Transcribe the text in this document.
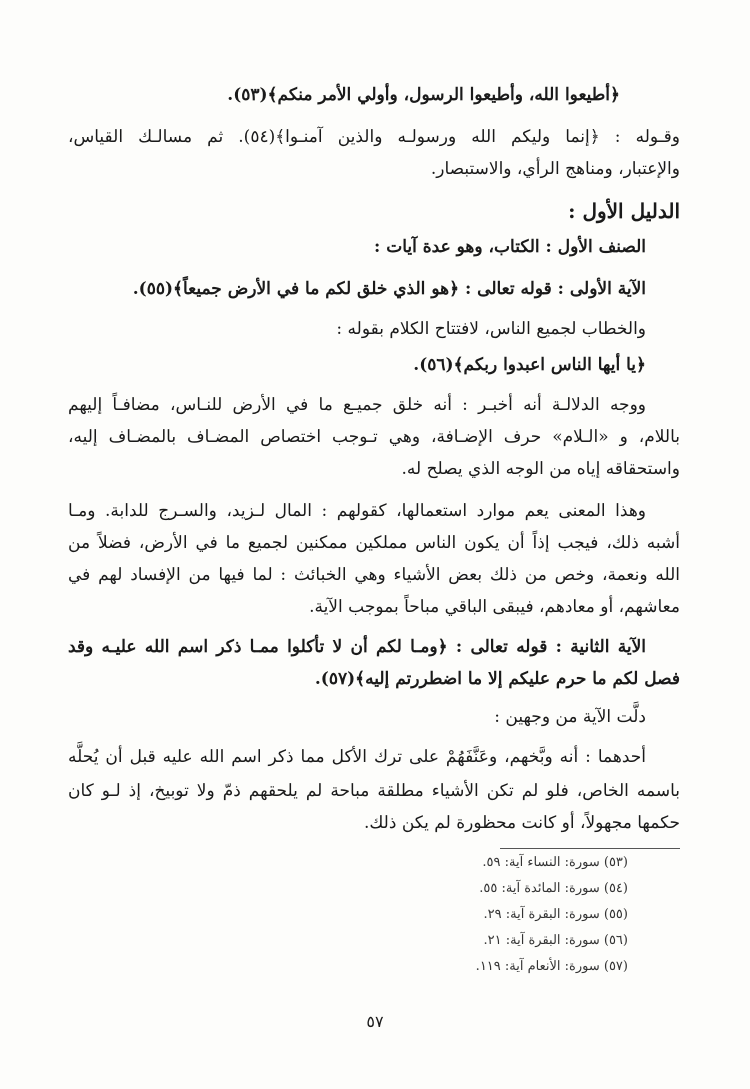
﴿أطيعوا الله، وأطيعوا الرسول، وأولي الأمر منكم﴾(٥٣).
وقـوله : ﴿إنما وليكم الله ورسولـه والذين آمنـوا﴾(٥٤). ثم مسالـك القياس،
والإعتبار، ومناهج الرأي، والاستبصار.
الدليل الأول :
الصنف الأول : الكتاب، وهو عدة آيات :
الآية الأولى : قوله تعالى : ﴿هو الذي خلق لكم ما في الأرض جميعاً﴾(٥٥).
والخطاب لجميع الناس، لافتتاح الكلام بقوله :
﴿يا أيها الناس اعبدوا ربكم﴾(٥٦).
ووجه الدلالـة أنه أخبـر : أنه خلق جميـع ما في الأرض للنـاس، مضافـاً إليهم
باللام، و «الـلام» حرف الإضـافة، وهي تـوجب اختصاص المضـاف بالمضـاف إليه،
واستحقاقه إياه من الوجه الذي يصلح له.
وهذا المعنى يعم موارد استعمالها، كقولهم : المال لـزيد، والسـرج للدابة. ومـا
أشبه ذلك، فيجب إذاً أن يكون الناس مملكين ممكنين لجميع ما في الأرض، فضلاً من
الله ونعمة، وخص من ذلك بعض الأشياء وهي الخبائث : لما فيها من الإفساد لهم في
معاشهم، أو معادهم، فيبقى الباقي مباحاً بموجب الآية.
الآية الثانية : قوله تعالى : ﴿ومـا لكم أن لا تأكلوا ممـا ذكر اسم الله عليـه وقد
فصل لكم ما حرم عليكم إلا ما اضطررتم إليه﴾(٥٧).
دلَّت الآية من وجهين :
أحدهما : أنه وبَّخهم، وعَنَّفَهُمْ على ترك الأكل مما ذكر اسم الله عليه قبل أن يُحلَّه
باسمه الخاص، فلو لم تكن الأشياء مطلقة مباحة لم يلحقهم ذمّ ولا توبيخ، إذ لـو كان
حكمها مجهولاً، أو كانت محظورة لم يكن ذلك.
(٥٣) سورة: النساء آية: ٥٩.
(٥٤) سورة: المائدة آية: ٥٥.
(٥٥) سورة: البقرة آية: ٢٩.
(٥٦) سورة: البقرة آية: ٢١.
(٥٧) سورة: الأنعام آية: ١١٩.
٥٧
